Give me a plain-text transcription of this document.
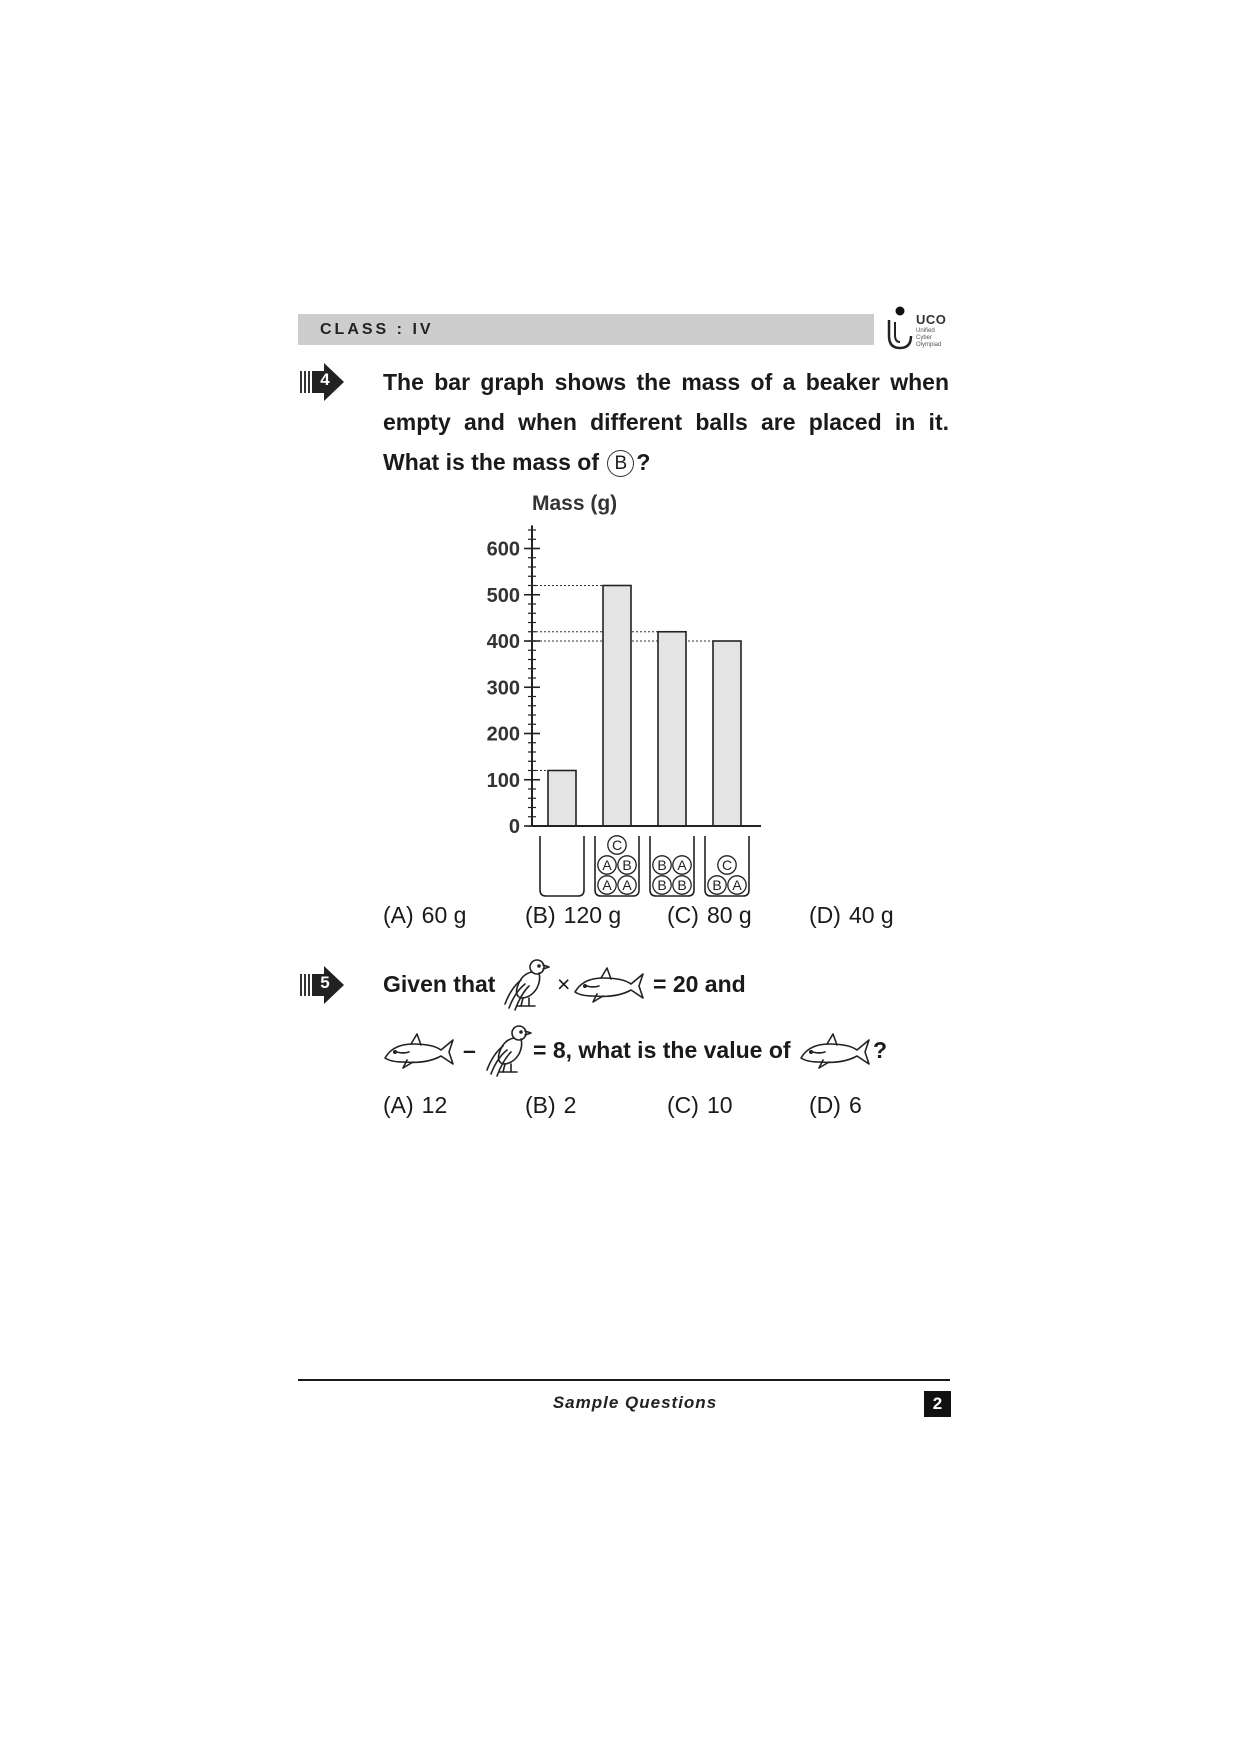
CLASS : IV
UCO
Unified
Cyber
Olympiad
4 The bar graph shows the mass of a beaker when empty and when different balls are placed in it. What is the mass of B ?
Mass (g)
0
100
200
300
400
500
600
A A
A B
C
B B
B A
B A
C
(A) 60 g	(B) 120 g (C) 80 g (D) 40 g
5 Given that	×	= 20 and
– = 8, what is the value of	?
(A) 12	(B) 2	(C) 10	(D) 6
Sample Questions	2
